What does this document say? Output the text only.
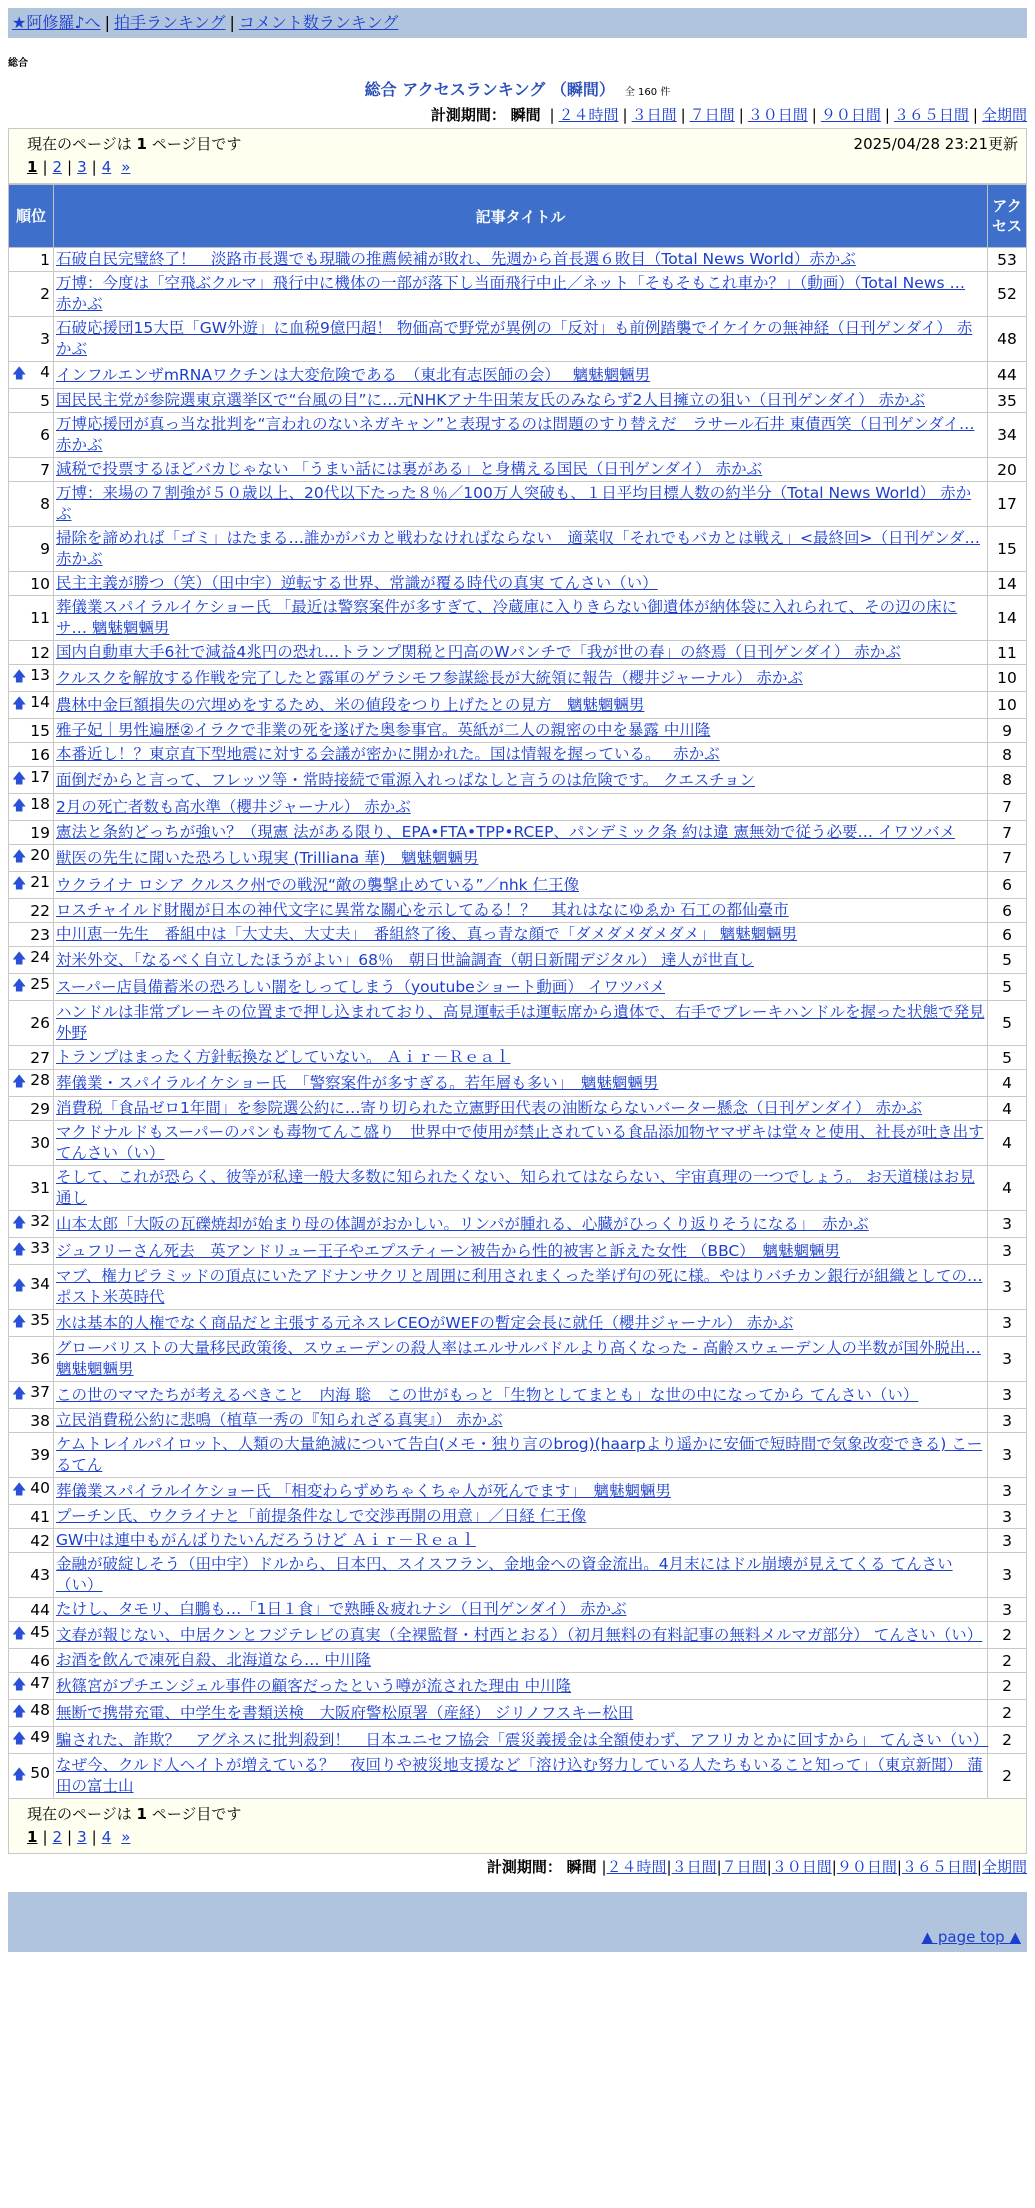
★阿修羅♪へ | 拍手ランキング | コメント数ランキング
総合
総合 アクセスランキング （瞬間） 全 160 件
計測期間： 瞬間 | ２４時間 | ３日間 | ７日間 | ３０日間 | ９０日間 | ３６５日間 | 全期間
現在のページは 1 ページ目です	2025/04/28 23:21更新
1 | 2 | 3 | 4 »
順位	記事タイトル	アクセス
1	石破自民完璧終了！　淡路市長選でも現職の推薦候補が敗れ、先週から首長選６敗目（Total News World）赤かぶ	53
2	万博：今度は「空飛ぶクルマ」飛行中に機体の一部が落下し当面飛行中止／ネット「そもそもこれ車か？」（動画）（Total News … 赤かぶ	52
3	石破応援団15大臣「GW外遊」に血税9億円超！ 物価高で野党が異例の「反対」も前例踏襲でイケイケの無神経（日刊ゲンダイ） 赤かぶ	48

🡅 4	インフルエンザmRNAワクチンは大変危険である　（東北有志医師の会）　 魑魅魍魎男	44
5	国民民主党が参院選東京選挙区で“台風の目”に…元NHKアナ牛田茉友氏のみならず2人目擁立の狙い（日刊ゲンダイ） 赤かぶ	35
6	万博応援団が真っ当な批判を“言われのないネガキャン”と表現するのは問題のすり替えだ　ラサール石井 東債西笑（日刊ゲンダイ… 赤かぶ	34
7	減税で投票するほどバカじゃない 「うまい話には裏がある」と身構える国民（日刊ゲンダイ） 赤かぶ	20
8	万博：来場の７割強が５０歳以上、20代以下たった８％／100万人突破も、１日平均目標人数の約半分（Total News World） 赤かぶ	17
9	掃除を諦めれば「ゴミ」はたまる…誰かがバカと戦わなければならない　適菜収「それでもバカとは戦え」<最終回>（日刊ゲンダ… 赤かぶ	15
10	民主主義が勝つ（笑）（田中宇）逆転する世界、常識が覆る時代の真実 てんさい（い）	14
11	葬儀業スパイラルイケショー氏 「最近は警察案件が多すぎて、冷蔵庫に入りきらない御遺体が納体袋に入れられて、その辺の床にサ… 魑魅魍魎男	14
12	国内自動車大手6社で減益4兆円の恐れ…トランプ関税と円高のWパンチで「我が世の春」の終焉（日刊ゲンダイ） 赤かぶ	11

🡅 13	クルスクを解放する作戦を完了したと露軍のゲラシモフ参謀総長が大統領に報告（櫻井ジャーナル） 赤かぶ	10

🡅 14	農林中金巨額損失の穴埋めをするため、米の値段をつり上げたとの見方　魑魅魍魎男	10
15	雅子妃｜男性遍歴②イラクで非業の死を遂げた奥参事官。英紙が二人の親密の中を暴露 中川隆	9
16	本番近し！？東京直下型地震に対する会議が密かに開かれた。国は情報を握っている。　 赤かぶ	8

🡅 17	面倒だからと言って、フレッツ等・常時接続で電源入れっぱなしと言うのは危険です。 クエスチョン	8

🡅 18	2月の死亡者数も高水準（櫻井ジャーナル） 赤かぶ	7
19	憲法と条約どっちが強い？（現憲 法がある限り、EPA•FTA•TPP•RCEP、パンデミック条 約は違 憲無効で従う必要… イワツバメ	7

🡅 20	獣医の先生に聞いた恐ろしい現実 (Trilliana 華)　魑魅魍魎男	7

🡅 21	ウクライナ ロシア クルスク州での戦況“敵の襲撃止めている”／nhk 仁王像	6
22	ロスチャイルド財閥が日本の神代文字に異常な關心を示してゐる！？　其れはなにゆゑか 石工の都仙臺市	6
23	中川恵一先生　番組中は「大丈夫、大丈夫」　番組終了後、真っ青な顔で「ダメダメダメダメ」 魑魅魍魎男	6

🡅 24	対米外交、「なるべく自立したほうがよい」68％　朝日世論調査（朝日新聞デジタル） 達人が世直し	5

🡅 25	スーパー店員備蓄米の恐ろしい闇をしってしまう（youtubeショート動画） イワツバメ	5
26	ハンドルは非常ブレーキの位置まで押し込まれており、高見運転手は運転席から遺体で、右手でブレーキハンドルを握った状態で発見 外野	5
27	トランプはまったく方針転換などしていない。 Ａｉｒ－Ｒｅａｌ	5

🡅 28	葬儀業・スパイラルイケショー氏　「警察案件が多すぎる。若年層も多い」　魑魅魍魎男	4
29	消費税「食品ゼロ1年間」を参院選公約に…寄り切られた立憲野田代表の油断ならないバーター懸念（日刊ゲンダイ） 赤かぶ	4
30	マクドナルドもスーパーのパンも毒物てんこ盛り　世界中で使用が禁止されている食品添加物ヤマザキは堂々と使用、社長が吐き出す てんさい（い）	4
31	そして、これが恐らく、彼等が私達一般大多数に知られたくない、知られてはならない、宇宙真理の一つでしょう。 お天道様はお見通し	4

🡅 32	山本太郎「大阪の瓦礫焼却が始まり母の体調がおかしい。リンパが腫れる、心臓がひっくり返りそうになる」　赤かぶ	3

🡅 33	ジュフリーさん死去　英アンドリュー王子やエプスティーン被告から性的被害と訴えた女性 （BBC）　魑魅魍魎男	3

🡅 34	マブ、権力ピラミッドの頂点にいたアドナンサクリと周囲に利用されまくった挙げ句の死に様。やはりバチカン銀行が組織としての… ポスト米英時代	3

🡅 35	水は基本的人権でなく商品だと主張する元ネスレCEOがWEFの暫定会長に就任（櫻井ジャーナル） 赤かぶ	3
36	グローバリストの大量移民政策後、スウェーデンの殺人率はエルサルバドルより高くなった - 高齢スウェーデン人の半数が国外脱出… 魑魅魍魎男	3

🡅 37	この世のママたちが考えるべきこと　内海 聡　この世がもっと「生物としてまとも」な世の中になってから てんさい（い）	3
38	立民消費税公約に悲鳴（植草一秀の『知られざる真実』） 赤かぶ	3
39	ケムトレイルパイロット、人類の大量絶滅について告白(メモ・独り言のbrog)(haarpより遥かに安価で短時間で気象改変できる) こーるてん	3

🡅 40	葬儀業スパイラルイケショー氏 「相変わらずめちゃくちゃ人が死んでます」　魑魅魍魎男	3
41	プーチン氏、ウクライナと「前提条件なしで交渉再開の用意」／日経 仁王像	3
42	GW中は連中もがんばりたいんだろうけど Ａｉｒ－Ｒｅａｌ	3
43	金融が破綻しそう（田中宇）ドルから、日本円、スイスフラン、金地金への資金流出。4月末にはドル崩壊が見えてくる てんさい（い）	3
44	たけし、タモリ、白鵬も…「1日１食」で熟睡＆疲れナシ（日刊ゲンダイ） 赤かぶ	3

🡅 45	文春が報じない、中居クンとフジテレビの真実（全裸監督・村西とおる）（初月無料の有料記事の無料メルマガ部分） てんさい（い）	2
46	お酒を飲んで凍死自殺、北海道なら… 中川隆	2

🡅 47	秋篠宮がプチエンジェル事件の顧客だったという噂が流された理由 中川隆	2

🡅 48	無断で携帯充電、中学生を書類送検　大阪府警松原署（産経） ジリノフスキー松田	2

🡅 49	騙された、詐欺？　アグネスに批判殺到！　日本ユニセフ協会「震災義援金は全額使わず、アフリカとかに回すから」 てんさい（い）	2

🡅 50	なぜ今、クルド人ヘイトが増えている？　夜回りや被災地支援など「溶け込む努力している人たちもいること知って」（東京新聞） 蒲田の富士山	2
現在のページは 1 ページ目です
1 | 2 | 3 | 4 »
計測期間： 瞬間 |２４時間|３日間|７日間|３０日間|９０日間|３６５日間|全期間
▲ page top ▲
